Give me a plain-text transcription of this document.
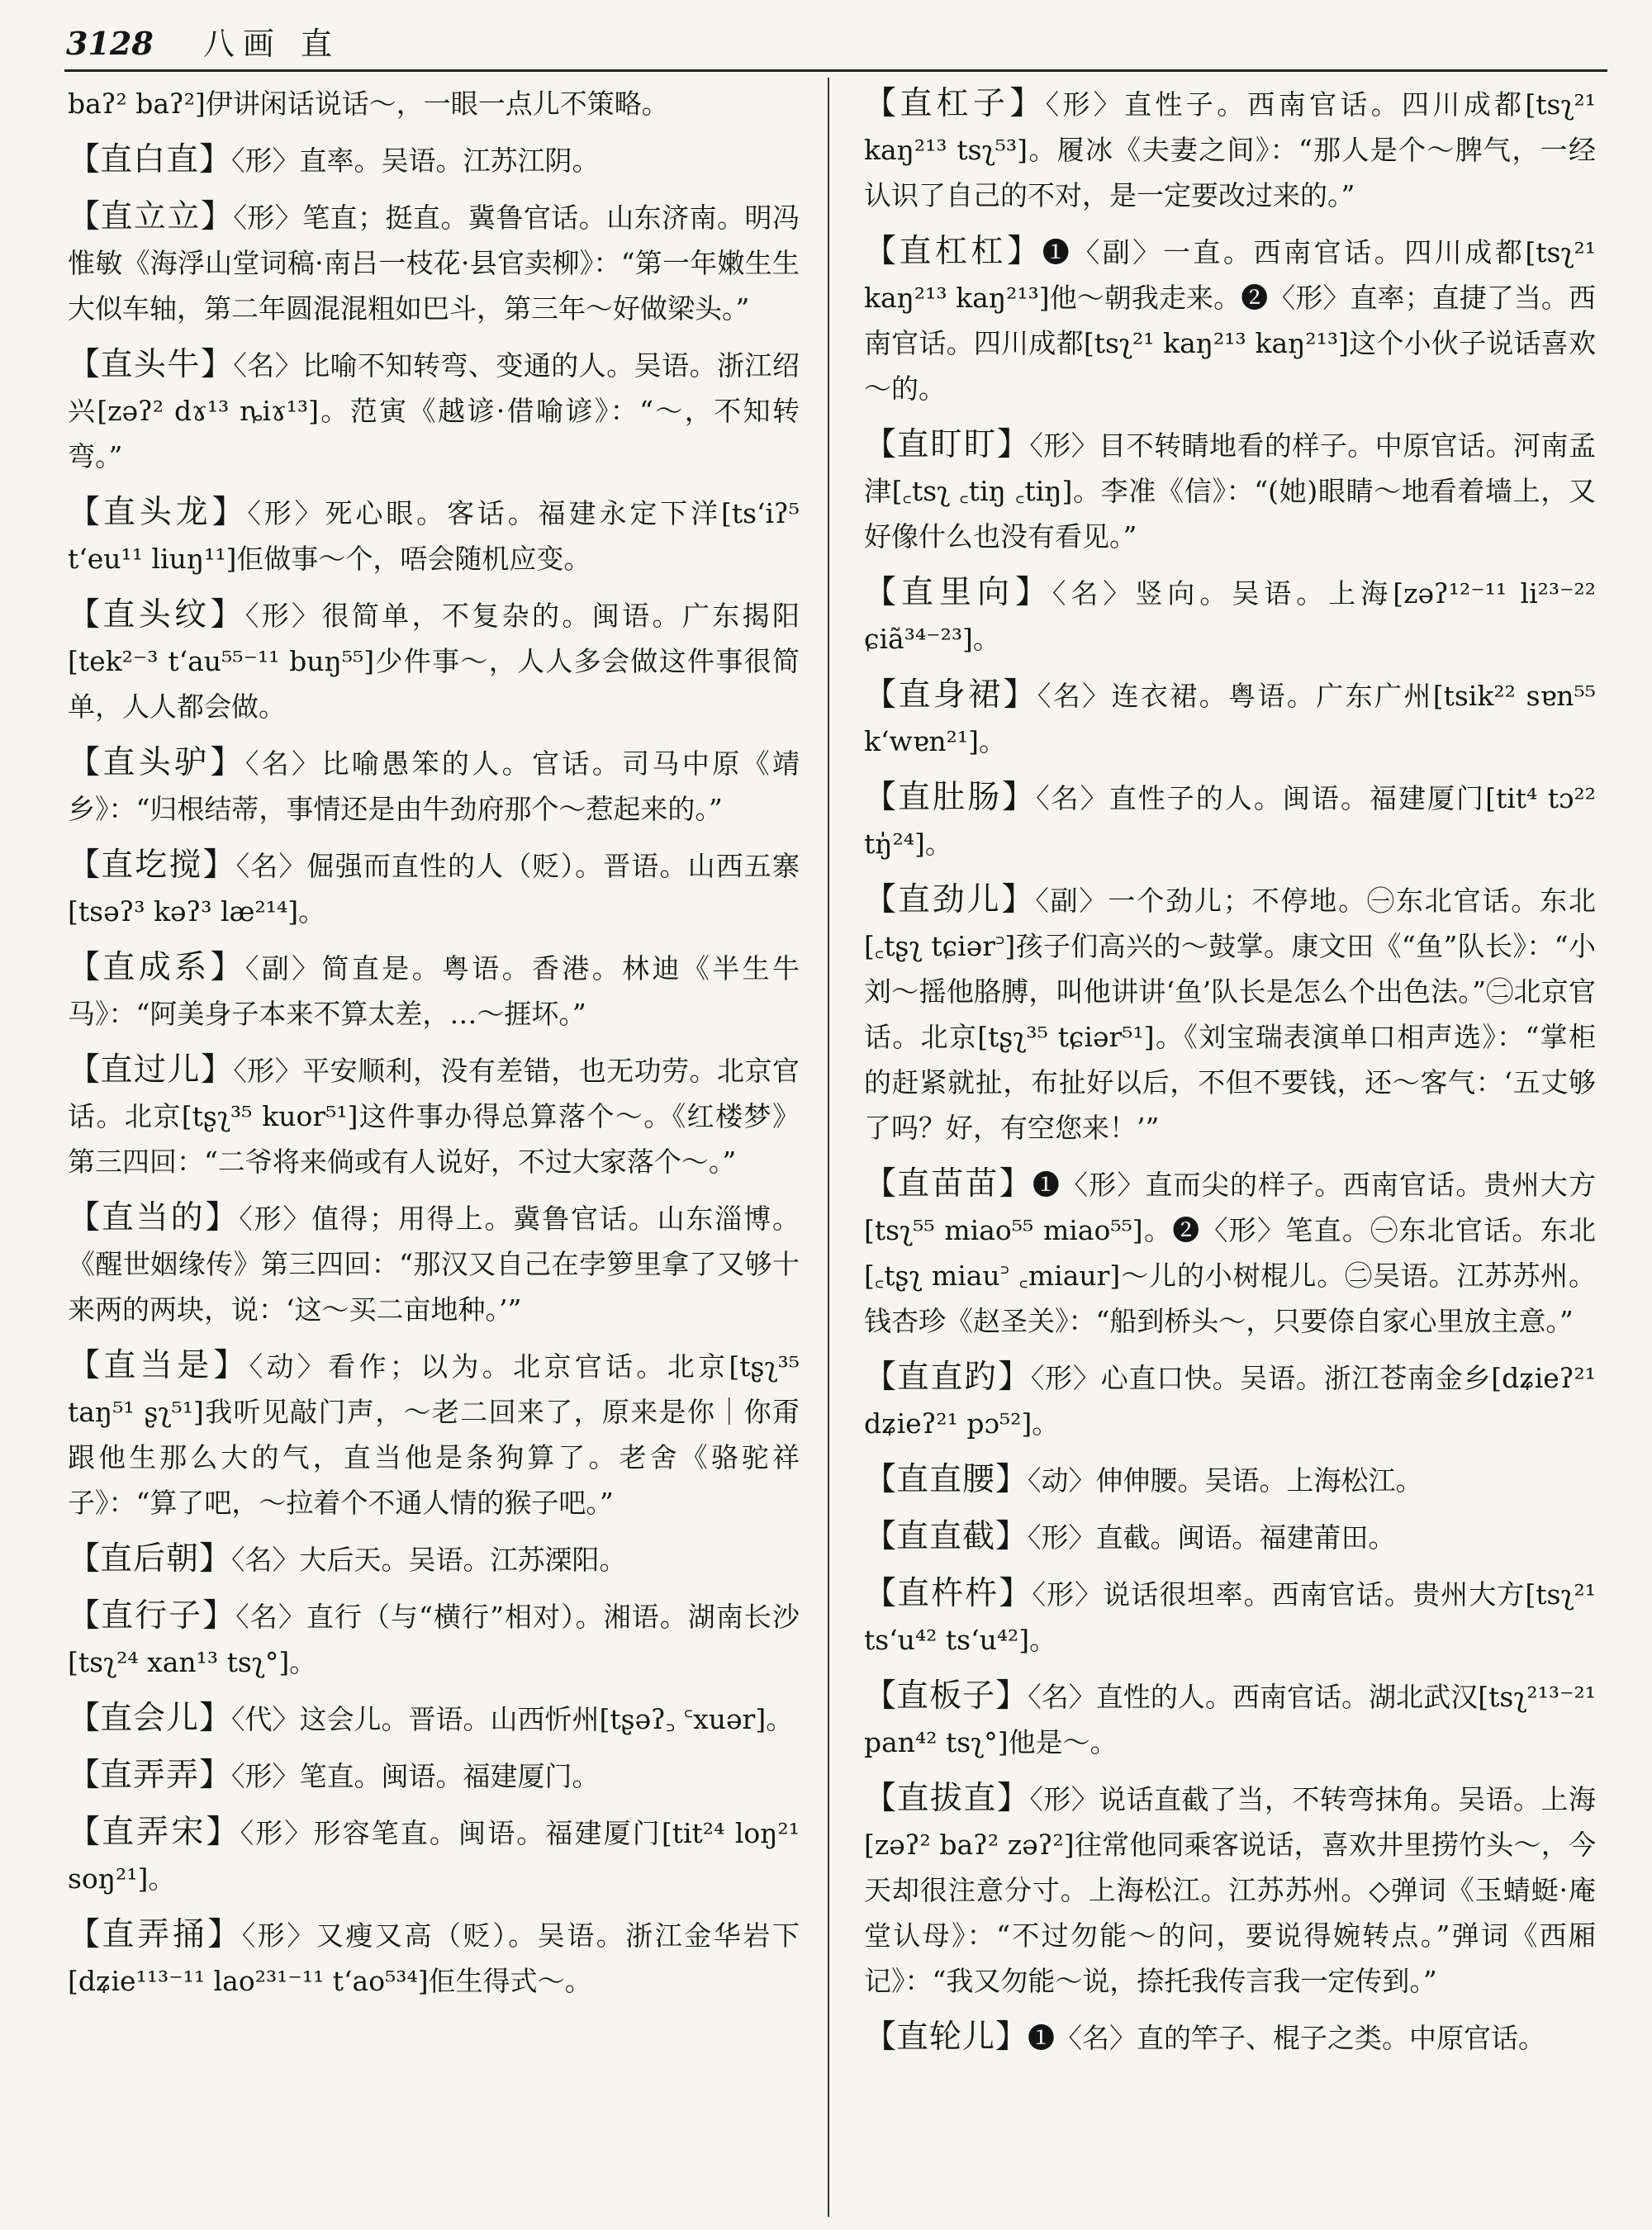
3128 八画 直

baʔ² baʔ²]伊讲闲话说话～，一眼一点儿不策略。

【直白直】〈形〉直率。吴语。江苏江阴。

【直立立】〈形〉笔直；挺直。冀鲁官话。山东济南。明冯惟敏《海浮山堂词稿·南吕一枝花·县官卖柳》：“第一年嫩生生大似车轴，第二年圆混混粗如巴斗，第三年～好做梁头。”

【直头牛】〈名〉比喻不知转弯、变通的人。吴语。浙江绍兴[zəʔ² dɤ¹³ ȵiɤ¹³]。范寅《越谚·借喻谚》：“～，不知转弯。”

【直头龙】〈形〉死心眼。客话。福建永定下洋[tsʻiʔ⁵ tʻeu¹¹ liuŋ¹¹]佢做事～个，唔会随机应变。

【直头纹】〈形〉很简单，不复杂的。闽语。广东揭阳[tek²⁻³ tʻau⁵⁵⁻¹¹ buŋ⁵⁵]少件事～，人人多会做这件事很简单，人人都会做。

【直头驴】〈名〉比喻愚笨的人。官话。司马中原《靖乡》：“归根结蒂，事情还是由牛劲府那个～惹起来的。”

【直圪搅】〈名〉倔强而直性的人（贬）。晋语。山西五寨[tsəʔ³ kəʔ³ læ²¹⁴]。

【直成系】〈副〉简直是。粤语。香港。林迪《半生牛马》：“阿美身子本来不算太差，…～捱坏。”

【直过儿】〈形〉平安顺利，没有差错，也无功劳。北京官话。北京[tʂʅ³⁵ kuor⁵¹]这件事办得总算落个～。《红楼梦》第三四回：“二爷将来倘或有人说好，不过大家落个～。”

【直当的】〈形〉值得；用得上。冀鲁官话。山东淄博。《醒世姻缘传》第三四回：“那汉又自己在孛箩里拿了又够十来两的两块，说：‘这～买二亩地种。’”

【直当是】〈动〉看作；以为。北京官话。北京[tʂʅ³⁵ taŋ⁵¹ ʂʅ⁵¹]我听见敲门声，～老二回来了，原来是你｜你甭跟他生那么大的气，直当他是条狗算了。老舍《骆驼祥子》：“算了吧，～拉着个不通人情的猴子吧。”

【直后朝】〈名〉大后天。吴语。江苏溧阳。

【直行子】〈名〉直行（与“横行”相对）。湘语。湖南长沙[tsʅ²⁴ xan¹³ tsʅ°]。

【直会儿】〈代〉这会儿。晋语。山西忻州[tʂəʔ꜆ ꜂xuər]。

【直弄弄】〈形〉笔直。闽语。福建厦门。

【直弄宋】〈形〉形容笔直。闽语。福建厦门[tit²⁴ loŋ²¹ soŋ²¹]。

【直弄捅】〈形〉又瘦又高（贬）。吴语。浙江金华岩下[dʑie¹¹³⁻¹¹ lao²³¹⁻¹¹ tʻao⁵³⁴]佢生得式～。

【直杠子】〈形〉直性子。西南官话。四川成都[tsʅ²¹ kaŋ²¹³ tsʅ⁵³]。履冰《夫妻之间》：“那人是个～脾气，一经认识了自己的不对，是一定要改过来的。”

【直杠杠】❶〈副〉一直。西南官话。四川成都[tsʅ²¹ kaŋ²¹³ kaŋ²¹³]他～朝我走来。❷〈形〉直率；直捷了当。西南官话。四川成都[tsʅ²¹ kaŋ²¹³ kaŋ²¹³]这个小伙子说话喜欢～的。

【直盯盯】〈形〉目不转睛地看的样子。中原官话。河南孟津[꜀tsʅ ꜀tiŋ ꜀tiŋ]。李准《信》：“(她)眼睛～地看着墙上，又好像什么也没有看见。”

【直里向】〈名〉竖向。吴语。上海[zəʔ¹²⁻¹¹ li²³⁻²² ɕiã³⁴⁻²³]。

【直身裙】〈名〉连衣裙。粤语。广东广州[tsik²² sɐn⁵⁵ kʻwɐn²¹]。

【直肚肠】〈名〉直性子的人。闽语。福建厦门[tit⁴ tɔ²² tŋ̍²⁴]。

【直劲儿】〈副〉一个劲儿；不停地。㊀东北官话。东北[꜀tʂʅ tɕiər꜄]孩子们高兴的～鼓掌。康文田《“鱼”队长》：“小刘～摇他胳膊，叫他讲讲‘鱼’队长是怎么个出色法。”㊁北京官话。北京[tʂʅ³⁵ tɕiər⁵¹]。《刘宝瑞表演单口相声选》：“掌柜的赶紧就扯，布扯好以后，不但不要钱，还～客气：‘五丈够了吗？好，有空您来！’”

【直苗苗】❶〈形〉直而尖的样子。西南官话。贵州大方[tsʅ⁵⁵ miao⁵⁵ miao⁵⁵]。❷〈形〉笔直。㊀东北官话。东北[꜀tʂʅ miau꜄ ꜀miaur]～儿的小树棍儿。㊁吴语。江苏苏州。钱杏珍《赵圣关》：“船到桥头～，只要倷自家心里放主意。”

【直直趵】〈形〉心直口快。吴语。浙江苍南金乡[dʑieʔ²¹ dʑieʔ²¹ pɔ⁵²]。

【直直腰】〈动〉伸伸腰。吴语。上海松江。

【直直截】〈形〉直截。闽语。福建莆田。

【直杵杵】〈形〉说话很坦率。西南官话。贵州大方[tsʅ²¹ tsʻu⁴² tsʻu⁴²]。

【直板子】〈名〉直性的人。西南官话。湖北武汉[tsʅ²¹³⁻²¹ pan⁴² tsʅ°]他是～。

【直拔直】〈形〉说话直截了当，不转弯抹角。吴语。上海[zəʔ² baʔ² zəʔ²]往常他同乘客说话，喜欢井里捞竹头～，今天却很注意分寸。上海松江。江苏苏州。◇弹词《玉蜻蜓·庵堂认母》：“不过勿能～的问，要说得婉转点。”弹词《西厢记》：“我又勿能～说，捺托我传言我一定传到。”

【直轮儿】❶〈名〉直的竿子、棍子之类。中原官话。
